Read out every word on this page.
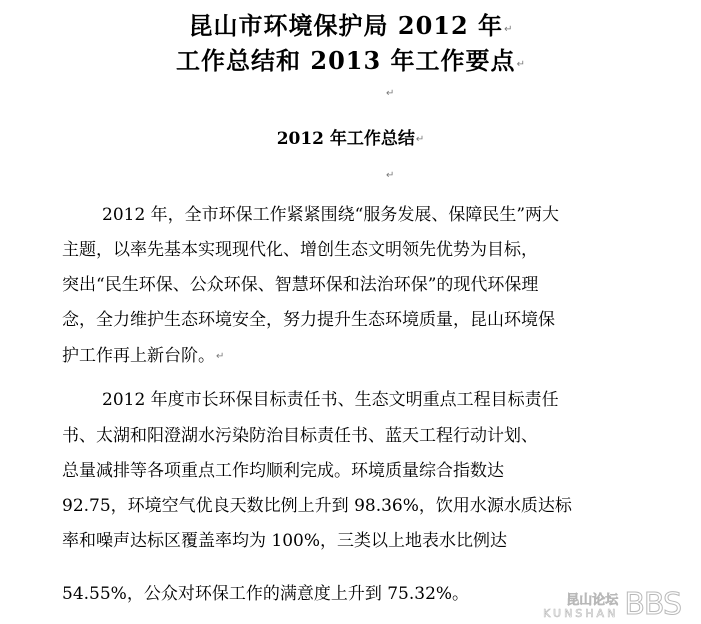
昆山市环境保护局 2012 年↵
工作总结和 2013 年工作要点↵
↵
2012 年工作总结↵
↵
2012 年，全市环保工作紧紧围绕“服务发展、保障民生”两大
主题，以率先基本实现现代化、增创生态文明领先优势为目标，
突出“民生环保、公众环保、智慧环保和法治环保”的现代环保理
念，全力维护生态环境安全，努力提升生态环境质量，昆山环境保
护工作再上新台阶。↵
2012 年度市长环保目标责任书、生态文明重点工程目标责任
书、太湖和阳澄湖水污染防治目标责任书、蓝天工程行动计划、
总量减排等各项重点工作均顺利完成。环境质量综合指数达
92.75，环境空气优良天数比例上升到 98.36%，饮用水源水质达标
率和噪声达标区覆盖率均为 100%，三类以上地表水比例达
54.55%，公众对环保工作的满意度上升到 75.32%。	昆山论坛
KUNSHAN BBS
